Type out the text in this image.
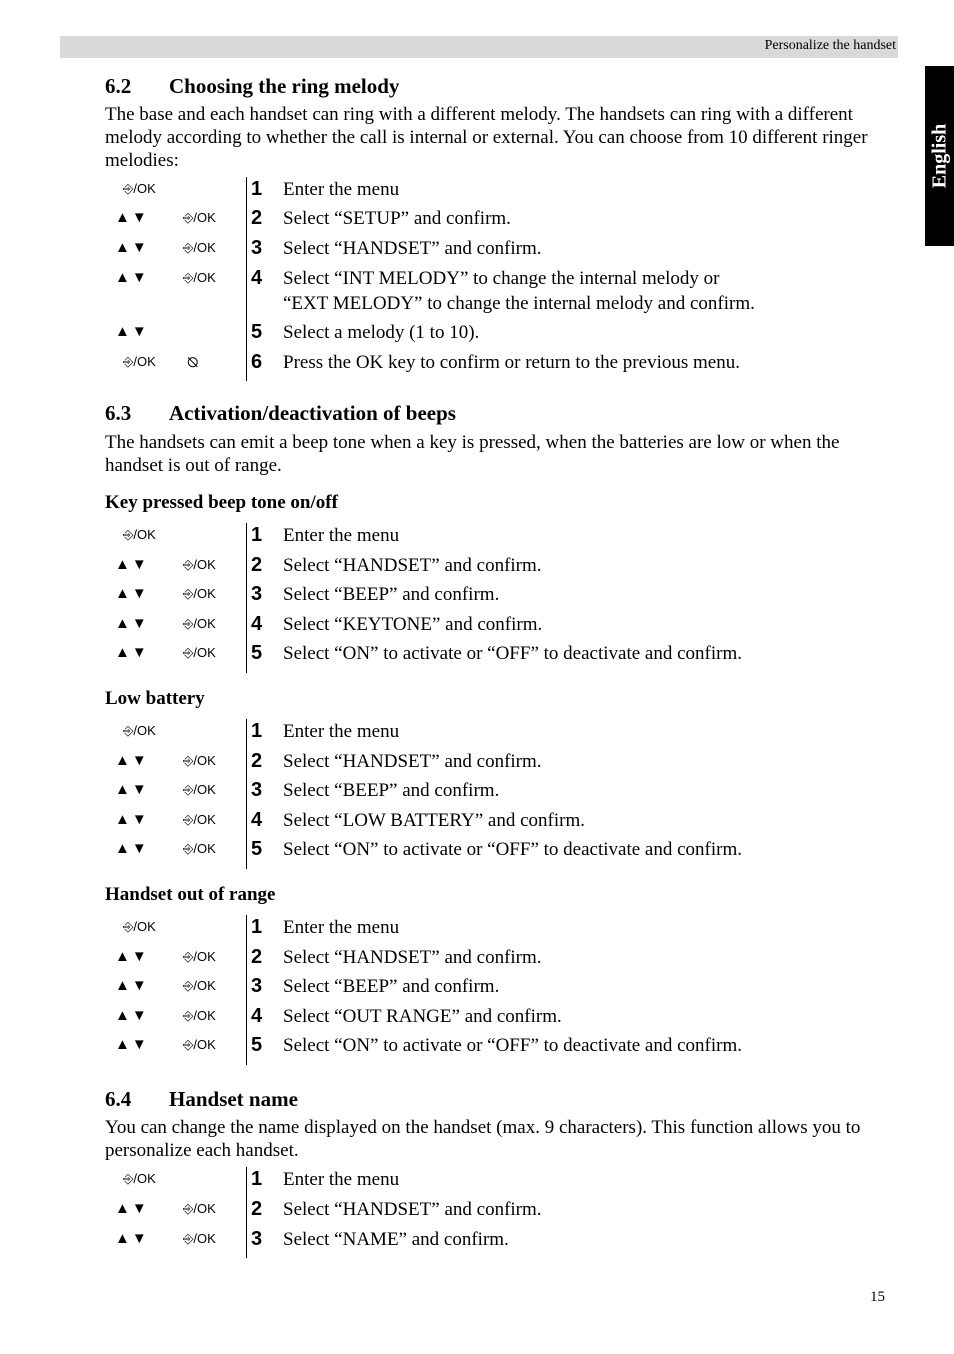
Personalize the handset
English
6.2 Choosing the ring melody

The base and each handset can ring with a different melody. The handsets can ring with a different melody according to whether the call is internal or external. You can choose from 10 different ringer melodies:

⎆/OK	1 Enter the menu
▲▼	⎆/OK 2 Select “SETUP” and confirm.
▲▼	⎆/OK 3 Select “HANDSET” and confirm.
▲▼	⎆/OK 4 Select “INT MELODY” to change the internal melody or
“EXT MELODY” to change the internal melody and confirm.
▲▼	5 Select a melody (1 to 10).
⎆/OK ⦰	6 Press the OK key to confirm or return to the previous menu.
6.3 Activation/deactivation of beeps

The handsets can emit a beep tone when a key is pressed, when the batteries are low or when the handset is out of range.

Key pressed beep tone on/off
⎆/OK	1 Enter the menu
▲▼	⎆/OK 2 Select “HANDSET” and confirm.
▲▼	⎆/OK 3 Select “BEEP” and confirm.
▲▼	⎆/OK 4 Select “KEYTONE” and confirm.
▲▼	⎆/OK 5 Select “ON” to activate or “OFF” to deactivate and confirm.
Low battery
⎆/OK	1 Enter the menu
▲▼	⎆/OK 2 Select “HANDSET” and confirm.
▲▼	⎆/OK 3 Select “BEEP” and confirm.
▲▼	⎆/OK 4 Select “LOW BATTERY” and confirm.
▲▼	⎆/OK 5 Select “ON” to activate or “OFF” to deactivate and confirm.
Handset out of range
⎆/OK	1 Enter the menu
▲▼	⎆/OK 2 Select “HANDSET” and confirm.
▲▼	⎆/OK 3 Select “BEEP” and confirm.
▲▼	⎆/OK 4 Select “OUT RANGE” and confirm.
▲▼	⎆/OK 5 Select “ON” to activate or “OFF” to deactivate and confirm.
6.4 Handset name

You can change the name displayed on the handset (max. 9 characters). This function allows you to personalize each handset.

⎆/OK	1 Enter the menu
▲▼	⎆/OK 2 Select “HANDSET” and confirm.
▲▼	⎆/OK 3 Select “NAME” and confirm.
15
